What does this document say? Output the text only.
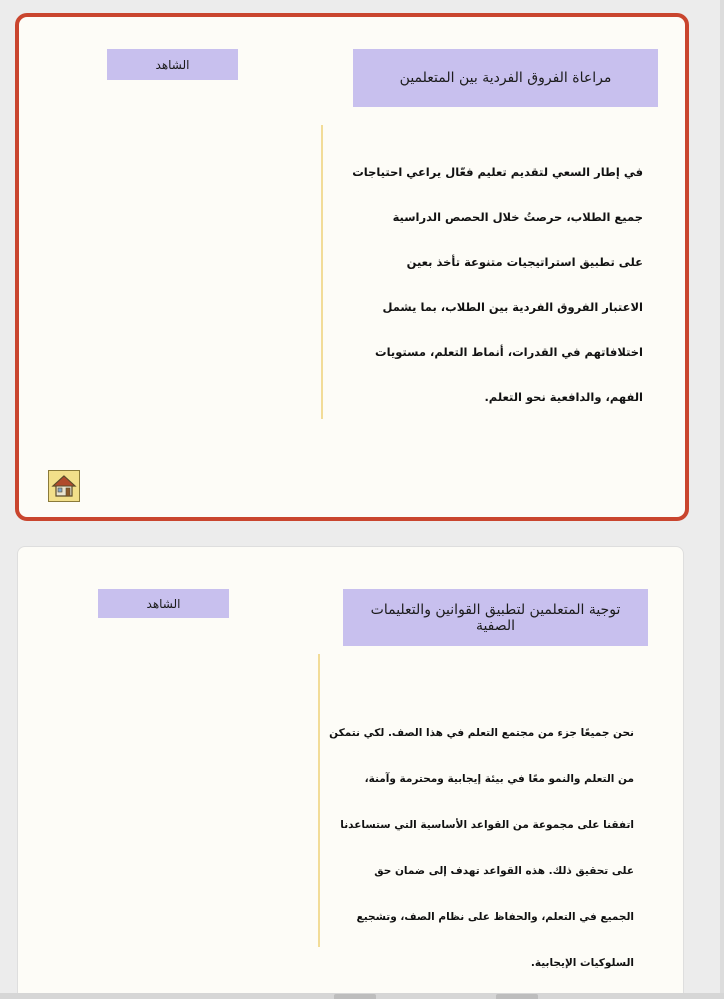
مراعاة الفروق الفردية بين المتعلمين
الشاهد
في إطار السعي لتقديم تعليم فعّال يراعي احتياجات
جميع الطلاب، حرصتُ خلال الحصص الدراسية
على تطبيق استراتيجيات متنوعة تأخذ بعين
الاعتبار الفروق الفردية بين الطلاب، بما يشمل
اختلافاتهم في القدرات، أنماط التعلم، مستويات
الفهم، والدافعية نحو التعلم.
توجية المتعلمين لتطبيق القوانين والتعليمات الصفية
الشاهد
نحن جميعًا جزء من مجتمع التعلم في هذا الصف. لكي نتمكن
من التعلم والنمو معًا في بيئة إيجابية ومحترمة وآمنة،
اتفقنا على مجموعة من القواعد الأساسية التي ستساعدنا
على تحقيق ذلك. هذه القواعد تهدف إلى ضمان حق
الجميع في التعلم، والحفاظ على نظام الصف، وتشجيع
السلوكيات الإيجابية.
